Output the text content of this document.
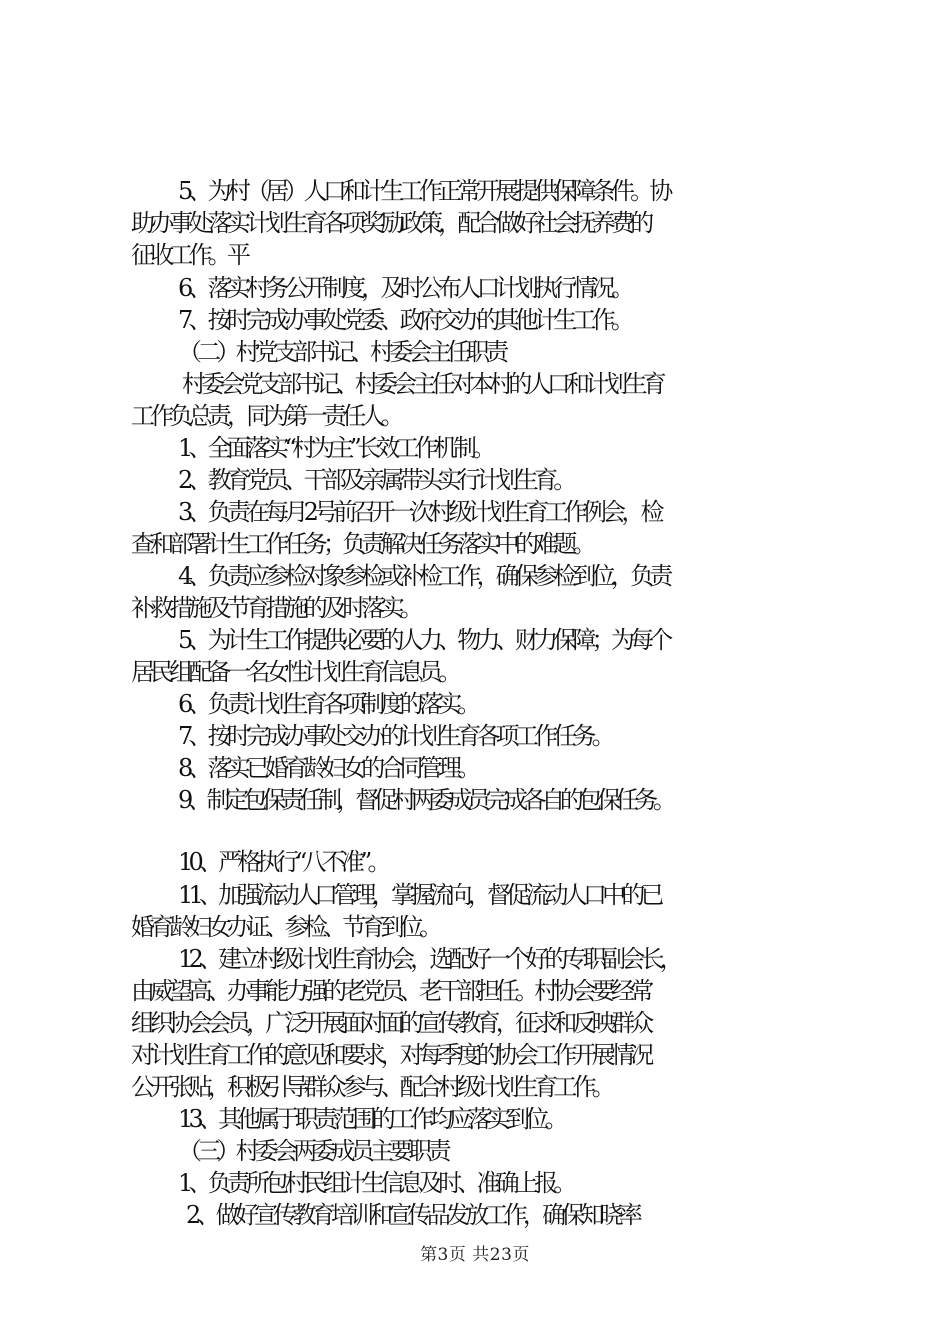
5、为村（居）人口和计生工作正常开展提供保障条件。协
助办事处落实计划生育各项奖励政策，配合做好社会抚养费的
征收工作。平
6、落实村务公开制度，及时公布人口计划执行情况。
7、按时完成办事处党委、政府交办的其他计生工作。
（二）村党支部书记、村委会主任职责
村委会党支部书记、村委会主任对本村的人口和计划生育
工作负总责，同为第一责任人。
1、全面落实“村为主”长效工作机制。
2、教育党员、干部及亲属带头实行计划生育。
3、负责在每月2号前召开一次村级计划生育工作例会，检
查和部署计生工作任务；负责解决任务落实中的难题。
4、负责应参检对象参检或补检工作，确保参检到位，负责
补救措施及节育措施的及时落实。
5、为计生工作提供必要的人力、物力、财力保障；为每个
居民组配备一名女性计划生育信息员。
6、负责计划生育各项制度的落实。
7、按时完成办事处交办的计划生育各项工作任务。
8、落实已婚育龄妇女的合同管理。
9、制定包保责任制，督促村两委成员完成各自的包保任务。
10、严格执行“八不准”。
11、加强流动人口管理，掌握流向，督促流动人口中的已
婚育龄妇女办证、参检、节育到位。
12、建立村级计划生育协会，选配好一个好的专职副会长，
由威望高、办事能力强的老党员、老干部担任。村协会要经常
组织协会会员，广泛开展面对面的宣传教育，征求和反映群众
对计划生育工作的意见和要求，对每季度的协会工作开展情况
公开张贴，积极引导群众参与、配合村级计划生育工作。
13、其他属于职责范围的工作均应落实到位。
（三）村委会两委成员主要职责
1、负责所包村民组计生信息及时、准确上报。
2、做好宣传教育培训和宣传品发放工作，确保知晓率
第3页 共23页
